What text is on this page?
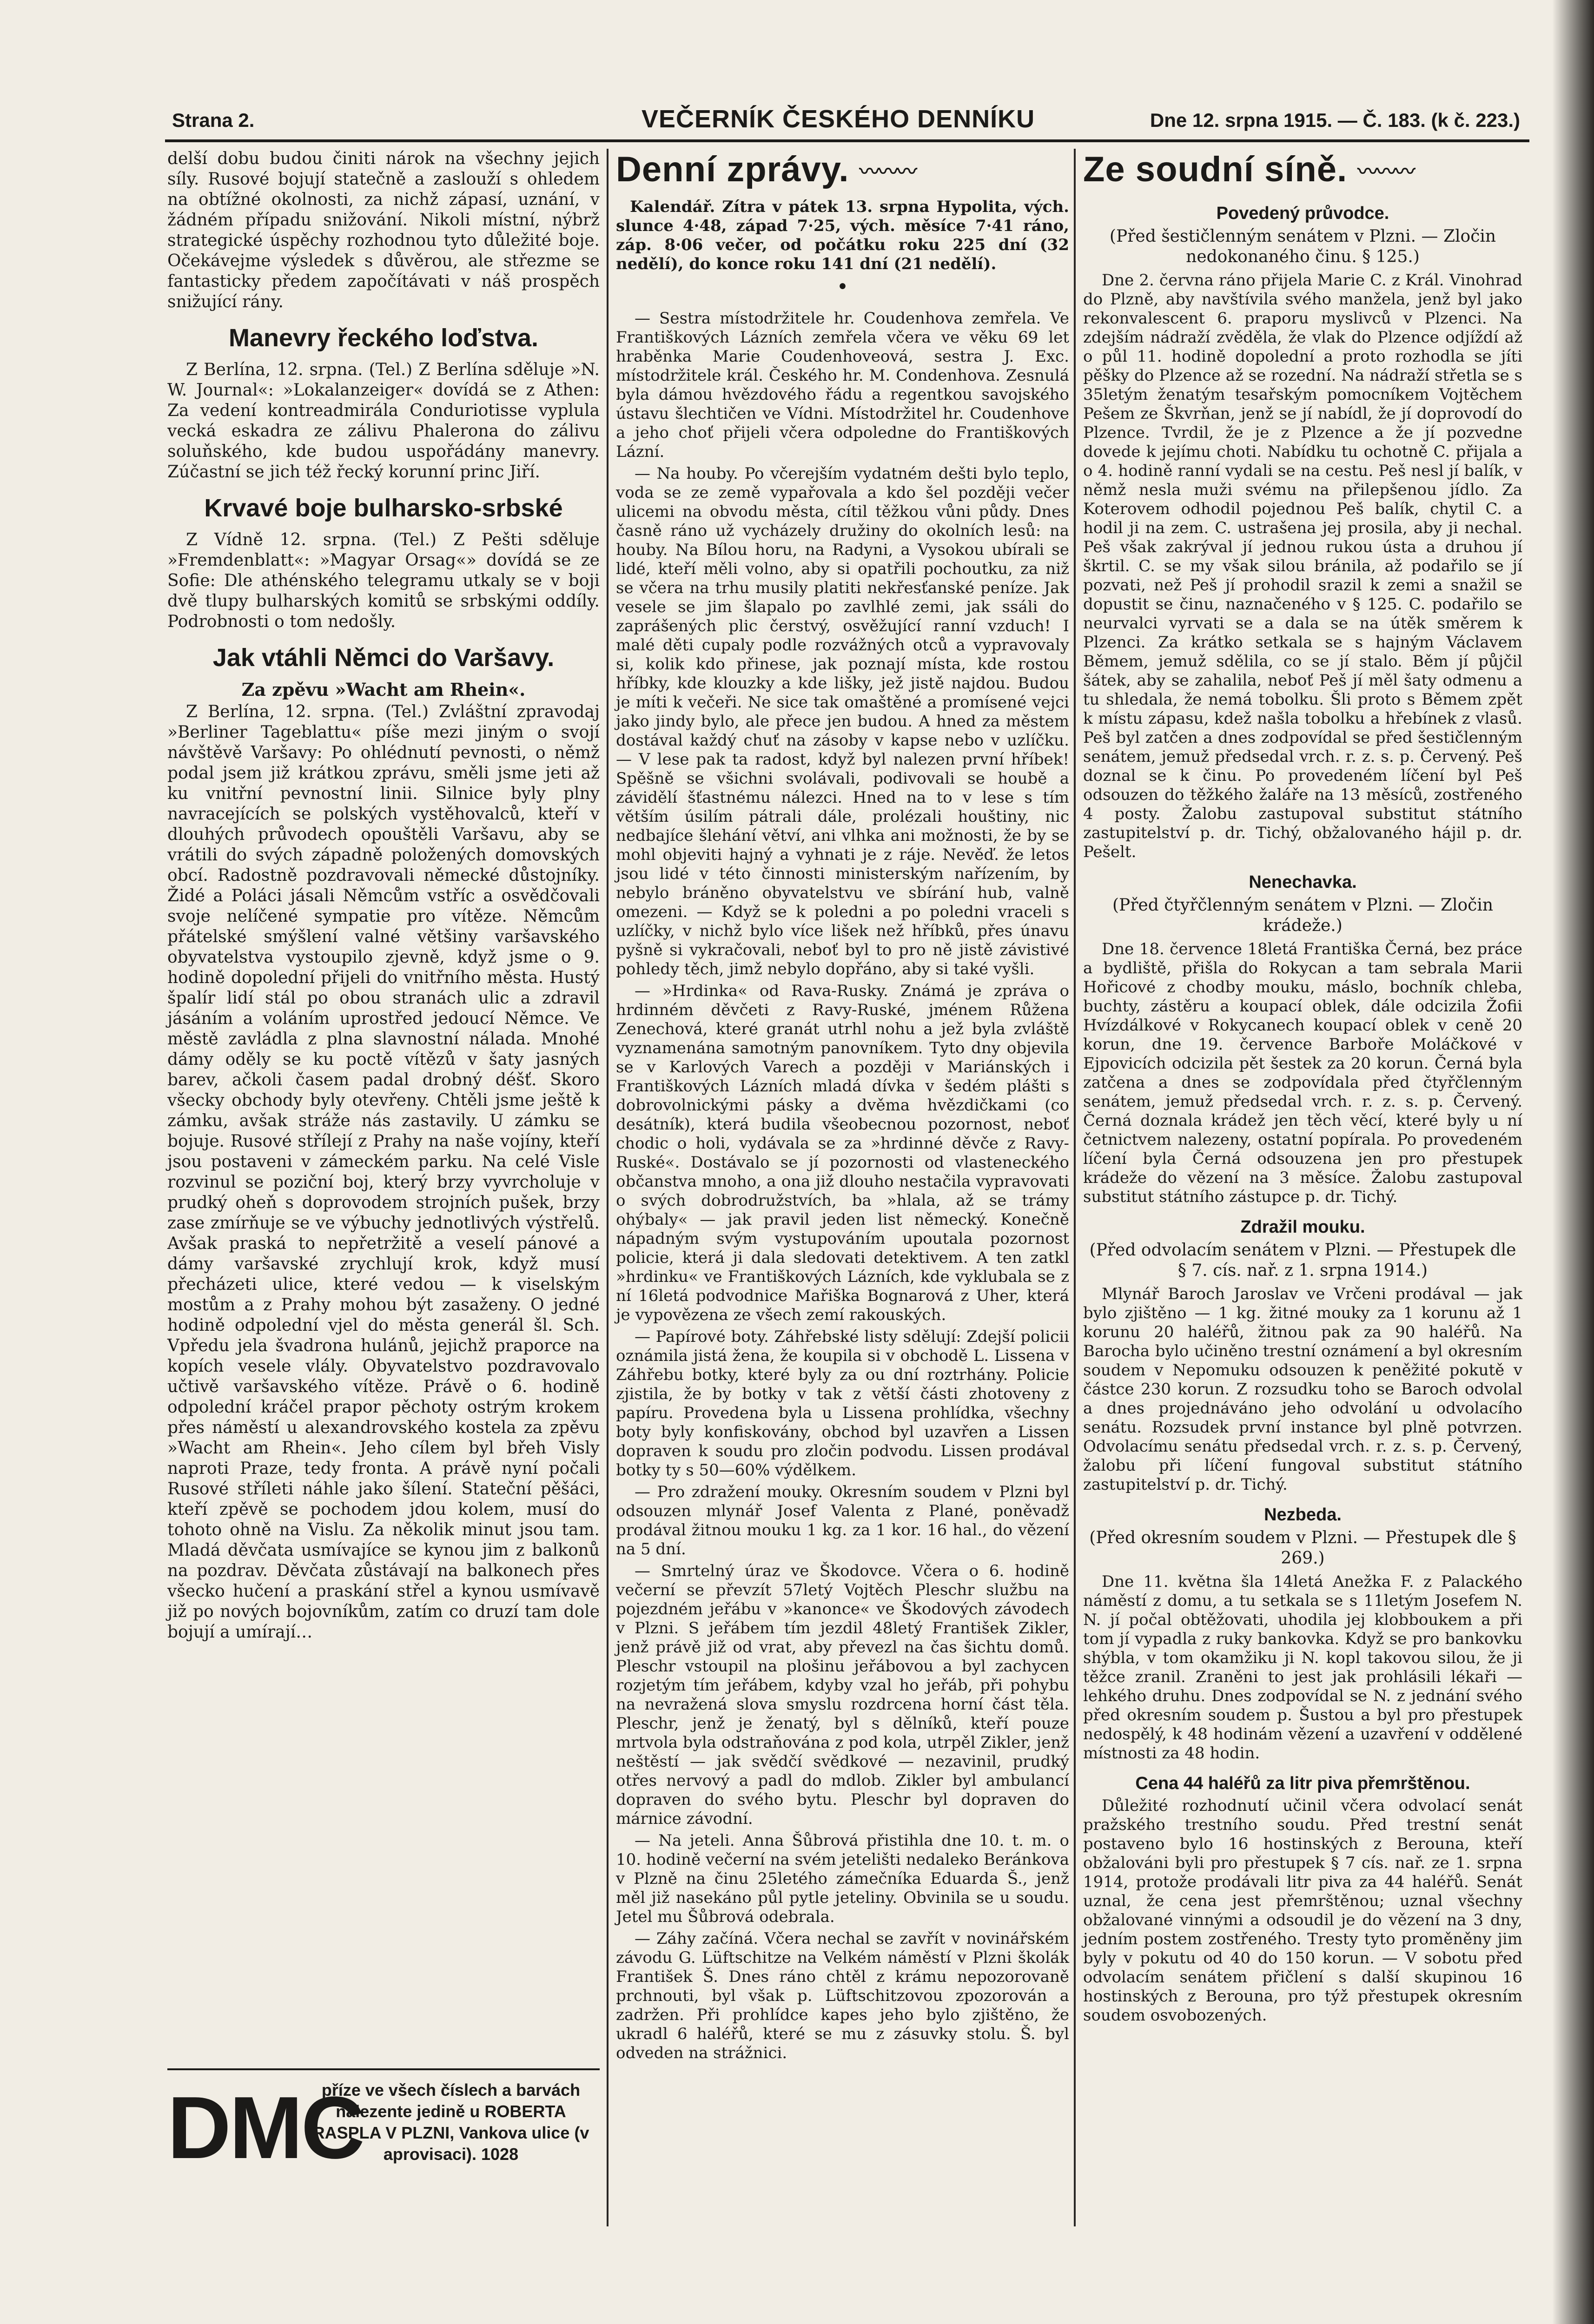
Strana 2.	VEČERNÍK ČESKÉHO DENNÍKU	Dne 12. srpna 1915. — Č. 183. (k č. 223.)

delší dobu budou činiti nárok na všechny jejich síly. Rusové bojují statečně a zaslouží s ohledem na obtížné okolnosti, za nichž zápasí, uznání, v žádném případu snižování. Nikoli místní, nýbrž strategické úspěchy rozhodnou tyto důležité boje. Očekávejme výsledek s důvěrou, ale střezme se fantasticky předem započítávati v náš prospěch snižující rány.

Manevry řeckého loďstva.

Z Berlína, 12. srpna. (Tel.) Z Berlína sděluje »N. W. Journal«: »Lokalanzeiger« dovídá se z Athen: Za vedení kontreadmirála Conduriotisse vyplula vecká eskadra ze zálivu Phalerona do zálivu soluňského, kde budou uspořádány manevry. Zúčastní se jich též řecký korunní princ Jiří.

Krvavé boje bulharsko-srbské

Z Vídně 12. srpna. (Tel.) Z Pešti sděluje »Fremdenblatt«: »Magyar Orsag«» dovídá se ze Sofie: Dle athénského telegramu utkaly se v boji dvě tlupy bulharských komitů se srbskými oddíly. Podrobnosti o tom nedošly.

Jak vtáhli Němci do Varšavy.
Za zpěvu »Wacht am Rhein«.

Z Berlína, 12. srpna. (Tel.) Zvláštní zpravodaj »Berliner Tageblattu« píše mezi jiným o svojí návštěvě Varšavy: Po ohlédnutí pevnosti, o němž podal jsem již krátkou zprávu, směli jsme jeti až ku vnitřní pevnostní linii. Silnice byly plny navracejících se polských vystěhovalců, kteří v dlouhých průvodech opouštěli Varšavu, aby se vrátili do svých západně položených domovských obcí. Radostně pozdravovali německé důstojníky. Židé a Poláci jásali Němcům vstříc a osvědčovali svoje nelíčené sympatie pro vítěze. Němcům přátelské smýšlení valné většiny varšavského obyvatelstva vystoupilo zjevně, když jsme o 9. hodině dopolední přijeli do vnitřního města. Hustý špalír lidí stál po obou stranách ulic a zdravil jásáním a voláním uprostřed jedoucí Němce. Ve městě zavládla z plna slavnostní nálada. Mnohé dámy oděly se ku poctě vítězů v šaty jasných barev, ačkoli časem padal drobný déšť. Skoro všecky obchody byly otevřeny. Chtěli jsme ještě k zámku, avšak stráže nás zastavily. U zámku se bojuje. Rusové střílejí z Prahy na naše vojíny, kteří jsou postaveni v zámeckém parku. Na celé Visle rozvinul se poziční boj, který brzy vyvrcholuje v prudký oheň s doprovodem strojních pušek, brzy zase zmírňuje se ve výbuchy jednotlivých výstřelů. Avšak praská to nepřetržitě a veselí pánové a dámy varšavské zrychlují krok, když musí přecházeti ulice, které vedou — k viselským mostům a z Prahy mohou být zasaženy. O jedné hodině odpolední vjel do města generál šl. Sch. Vpředu jela švadrona hulánů, jejichž praporce na kopích vesele vlály. Obyvatelstvo pozdravovalo učtivě varšavského vítěze. Právě o 6. hodině odpolední kráčel prapor pěchoty ostrým krokem přes náměstí u alexandrovského kostela za zpěvu »Wacht am Rhein«. Jeho cílem byl břeh Visly naproti Praze, tedy fronta. A právě nyní počali Rusové stříleti náhle jako šílení. Stateční pěšáci, kteří zpěvě se pochodem jdou kolem, musí do tohoto ohně na Vislu. Za několik minut jsou tam. Mladá děvčata usmívajíce se kynou jim z balkonů na pozdrav. Děvčata zůstávají na balkonech přes všecko hučení a praskání střel a kynou usmívavě již po nových bojovníkům, zatím co druzí tam dole bojují a umírají…

DMC
příze ve všech číslech a barvách nalezente jedině u ROBERTA RASPLA V PLZNI, Vankova ulice (v aprovisaci). 1028
Denní zprávy. 〰〰〰

Kalendář. Zítra v pátek 13. srpna Hypolita, vých. slunce 4·48, západ 7·25, vých. měsíce 7·41 ráno, záp. 8·06 večer, od počátku roku 225 dní (32 nedělí), do konce roku 141 dní (21 nedělí).

•

— Sestra místodržitele hr. Coudenhova zemřela. Ve Františkových Lázních zemřela včera ve věku 69 let hraběnka Marie Coudenhoveová, sestra J. Exc. místodržitele král. Českého hr. M. Condenhova. Zesnulá byla dámou hvězdového řádu a regentkou savojského ústavu šlechtičen ve Vídni. Místodržitel hr. Coudenhove a jeho choť přijeli včera odpoledne do Františkových Lázní.

— Na houby. Po včerejším vydatném dešti bylo teplo, voda se ze země vypařovala a kdo šel později večer ulicemi na obvodu města, cítil těžkou vůni půdy. Dnes časně ráno už vycházely družiny do okolních lesů: na houby. Na Bílou horu, na Radyni, a Vysokou ubírali se lidé, kteří měli volno, aby si opatřili pochoutku, za niž se včera na trhu musily platiti nekřesťanské peníze. Jak vesele se jim šlapalo po zavlhlé zemi, jak ssáli do zaprášených plic čerstvý, osvěžující ranní vzduch! I malé děti cupaly podle rozvážných otců a vypravovaly si, kolik kdo přinese, jak poznají místa, kde rostou hříbky, kde klouzky a kde lišky, jež jistě najdou. Budou je míti k večeři. Ne sice tak omaštěné a promísené vejci jako jindy bylo, ale přece jen budou. A hned za městem dostával každý chuť na zásoby v kapse nebo v uzlíčku. — V lese pak ta radost, když byl nalezen první hříbek! Spěšně se všichni svolávali, podivovali se houbě a závidělí šťastnému nálezci. Hned na to v lese s tím větším úsilím pátrali dále, prolézali houštiny, nic nedbajíce šlehání větví, ani vlhka ani možnosti, že by se mohl objeviti hajný a vyhnati je z ráje. Nevěď. že letos jsou lidé v této činnosti ministerským nařízením, by nebylo bráněno obyvatelstvu ve sbírání hub, valně omezeni. — Když se k poledni a po poledni vraceli s uzlíčky, v nichž bylo více lišek než hříbků, přes únavu pyšně si vykračovali, neboť byl to pro ně jistě závistivé pohledy těch, jimž nebylo dopřáno, aby si také vyšli.

— »Hrdinka« od Rava-Rusky. Známá je zpráva o hrdinném děvčeti z Ravy-Ruské, jménem Růžena Zenechová, které granát utrhl nohu a jež byla zvláště vyznamenána samotným panovníkem. Tyto dny objevila se v Karlových Varech a později v Mariánských i Františkových Lázních mladá dívka v šedém plášti s dobrovolnickými pásky a dvěma hvězdičkami (co desátník), která budila všeobecnou pozornost, neboť chodic o holi, vydávala se za »hrdinné děvče z Ravy-Ruské«. Dostávalo se jí pozornosti od vlasteneckého občanstva mnoho, a ona již dlouho nestačila vypravovati o svých dobrodružstvích, ba »hlala, až se trámy ohýbaly« — jak pravil jeden list německý. Konečně nápadným svým vystupováním upoutala pozornost policie, která ji dala sledovati detektivem. A ten zatkl »hrdinku« ve Františkových Lázních, kde vyklubala se z ní 16letá podvodnice Mařiška Bognarová z Uher, která je vypovězena ze všech zemí rakouských.

— Papírové boty. Záhřebské listy sdělují: Zdejší policii oznámila jistá žena, že koupila si v obchodě L. Lissena v Záhřebu botky, které byly za ou dní roztrhány. Policie zjistila, že by botky v tak z větší části zhotoveny z papíru. Provedena byla u Lissena prohlídka, všechny boty byly konfiskovány, obchod byl uzavřen a Lissen dopraven k soudu pro zločin podvodu. Lissen prodával botky ty s 50—60% výdělkem.

— Pro zdražení mouky. Okresním soudem v Plzni byl odsouzen mlynář Josef Valenta z Plané, poněvadž prodával žitnou mouku 1 kg. za 1 kor. 16 hal., do vězení na 5 dní.

— Smrtelný úraz ve Škodovce. Včera o 6. hodině večerní se převzít 57letý Vojtěch Pleschr službu na pojezdném jeřábu v »kanonce« ve Škodových závodech v Plzni. S jeřábem tím jezdil 48letý František Zikler, jenž právě již od vrat, aby převezl na čas šichtu domů. Pleschr vstoupil na plošinu jeřábovou a byl zachycen rozjetým tím jeřábem, kdyby vzal ho jeřáb, při pohybu na nevražená slova smyslu rozdrcena horní část těla. Pleschr, jenž je ženatý, byl s dělníků, kteří pouze mrtvola byla odstraňována z pod kola, utrpěl Zikler, jenž neštěstí — jak svědčí svědkové — nezavinil, prudký otřes nervový a padl do mdlob. Zikler byl ambulancí dopraven do svého bytu. Pleschr byl dopraven do márnice závodní.

— Na jeteli. Anna Šůbrová přistihla dne 10. t. m. o 10. hodině večerní na svém jetelišti nedaleko Beránkova v Plzně na činu 25letého zámečníka Eduarda Š., jenž měl již nasekáno půl pytle jeteliny. Obvinila se u soudu. Jetel mu Šůbrová odebrala.

— Záhy začíná. Včera nechal se zavřít v novinářském závodu G. Lüftschitze na Velkém náměstí v Plzni školák František Š. Dnes ráno chtěl z krámu nepozorovaně prchnouti, byl však p. Lüftschitzovou zpozorován a zadržen. Při prohlídce kapes jeho bylo zjištěno, že ukradl 6 haléřů, které se mu z zásuvky stolu. Š. byl odveden na strážnici.

Ze soudní síně. 〰〰〰
Povedený průvodce.
(Před šestičlenným senátem v Plzni. — Zločin nedokonaného činu. § 125.)

Dne 2. června ráno přijela Marie C. z Král. Vinohrad do Plzně, aby navštívila svého manžela, jenž byl jako rekonvalescent 6. praporu myslivců v Plzenci. Na zdejším nádraží zvěděla, že vlak do Plzence odjíždí až o půl 11. hodině dopolední a proto rozhodla se jíti pěšky do Plzence až se rozední. Na nádraží střetla se s 35letým ženatým tesařským pomocníkem Vojtěchem Pešem ze Škvrňan, jenž se jí nabídl, že jí doprovodí do Plzence. Tvrdil, že je z Plzence a že jí pozvedne dovede k jejímu choti. Nabídku tu ochotně C. přijala a o 4. hodině ranní vydali se na cestu. Peš nesl jí balík, v němž nesla muži svému na přilepšenou jídlo. Za Koterovem odhodil pojednou Peš balík, chytil C. a hodil ji na zem. C. ustrašena jej prosila, aby ji nechal. Peš však zakrýval jí jednou rukou ústa a druhou jí škrtil. C. se my však silou bránila, až podařilo se jí pozvati, než Peš jí prohodil srazil k zemi a snažil se dopustit se činu, naznačeného v § 125. C. podařilo se neurvalci vyrvati se a dala se na útěk směrem k Plzenci. Za krátko setkala se s hajným Václavem Běmem, jemuž sdělila, co se jí stalo. Běm jí půjčil šátek, aby se zahalila, neboť Peš jí měl šaty odmenu a tu shledala, že nemá tobolku. Šli proto s Běmem zpět k místu zápasu, kdež našla tobolku a hřebínek z vlasů. Peš byl zatčen a dnes zodpovídal se před šestičlenným senátem, jemuž předsedal vrch. r. z. s. p. Červený. Peš doznal se k činu. Po provedeném líčení byl Peš odsouzen do těžkého žaláře na 13 měsíců, zostřeného 4 posty. Žalobu zastupoval substitut státního zastupitelství p. dr. Tichý, obžalovaného hájil p. dr. Pešelt.

Nenechavka.
(Před čtyřčlenným senátem v Plzni. — Zločin krádeže.)

Dne 18. července 18letá Františka Černá, bez práce a bydliště, přišla do Rokycan a tam sebrala Marii Hořicové z chodby mouku, máslo, bochník chleba, buchty, zástěru a koupací oblek, dále odcizila Žofii Hvízdálkové v Rokycanech koupací oblek v ceně 20 korun, dne 19. července Barboře Moláčkové v Ejpovicích odcizila pět šestek za 20 korun. Černá byla zatčena a dnes se zodpovídala před čtyřčlenným senátem, jemuž předsedal vrch. r. z. s. p. Červený. Černá doznala krádež jen těch věcí, které byly u ní četnictvem nalezeny, ostatní popírala. Po provedeném líčení byla Černá odsouzena jen pro přestupek krádeže do vězení na 3 měsíce. Žalobu zastupoval substitut státního zástupce p. dr. Tichý.

Zdražil mouku.
(Před odvolacím senátem v Plzni. — Přestupek dle § 7. cís. nař. z 1. srpna 1914.)

Mlynář Baroch Jaroslav ve Vrčeni prodával — jak bylo zjištěno — 1 kg. žitné mouky za 1 korunu až 1 korunu 20 haléřů, žitnou pak za 90 haléřů. Na Barocha bylo učiněno trestní oznámení a byl okresním soudem v Nepomuku odsouzen k peněžité pokutě v částce 230 korun. Z rozsudku toho se Baroch odvolal a dnes projednáváno jeho odvolání u odvolacího senátu. Rozsudek první instance byl plně potvrzen. Odvolacímu senátu předsedal vrch. r. z. s. p. Červený, žalobu při líčení fungoval substitut státního zastupitelství p. dr. Tichý.

Nezbeda.
(Před okresním soudem v Plzni. — Přestupek dle § 269.)

Dne 11. května šla 14letá Anežka F. z Palackého náměstí z domu, a tu setkala se s 11letým Josefem N. N. jí počal obtěžovati, uhodila jej klobboukem a při tom jí vypadla z ruky bankovka. Když se pro bankovku shýbla, v tom okamžiku ji N. kopl takovou silou, že ji těžce zranil. Zraněni to jest jak prohlásili lékaři — lehkého druhu. Dnes zodpovídal se N. z jednání svého před okresním soudem p. Šustou a byl pro přestupek nedospělý, k 48 hodinám vězení a uzavření v oddělené místnosti za 48 hodin.

Cena 44 haléřů za litr piva přemrštěnou.

Důležité rozhodnutí učinil včera odvolací senát pražského trestního soudu. Před trestní senát postaveno bylo 16 hostinských z Berouna, kteří obžalováni byli pro přestupek § 7 cís. nař. ze 1. srpna 1914, protože prodávali litr piva za 44 haléřů. Senát uznal, že cena jest přemrštěnou; uznal všechny obžalované vinnými a odsoudil je do vězení na 3 dny, jedním postem zostřeného. Tresty tyto proměněny jim byly v pokutu od 40 do 150 korun. — V sobotu před odvolacím senátem přičlení s další skupinou 16 hostinských z Berouna, pro týž přestupek okresním soudem osvobozených.
